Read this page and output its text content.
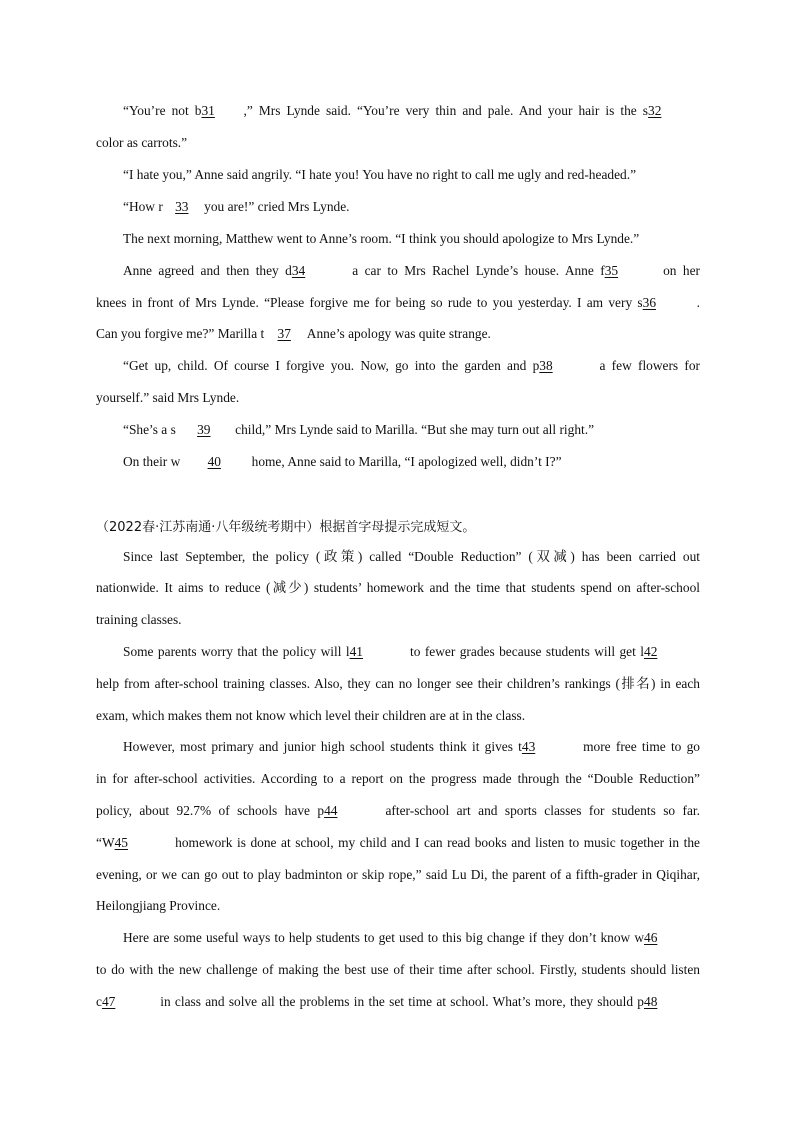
“You’re not b31 ,” Mrs Lynde said. “You’re very thin and pale. And your hair is the s32
color as carrots.”
“I hate you,” Anne said angrily. “I hate you! You have no right to call me ugly and red-headed.”
“How r 33 you are!” cried Mrs Lynde.
The next morning, Matthew went to Anne’s room. “I think you should apologize to Mrs Lynde.”
Anne agreed and then they d34	a car to Mrs Rachel Lynde’s house. Anne f35	on her
knees in front of Mrs Lynde. “Please forgive me for being so rude to you yesterday. I am very s36	.
Can you forgive me?” Marilla t 37 Anne’s apology was quite strange.
“Get up, child. Of course I forgive you. Now, go into the garden and p38	a few flowers for
yourself.” said Mrs Lynde.
“She’s a s 39 child,” Mrs Lynde said to Marilla. “But she may turn out all right.”
On their w 40 home, Anne said to Marilla, “I apologized well, didn’t I?”
（2022春·江苏南通·八年级统考期中）根据首字母提示完成短文。
Since last September, the policy (政策) called “Double Reduction” (双减) has been carried out
nationwide. It aims to reduce (减少) students’ homework and the time that students spend on after-school
training classes.
Some parents worry that the policy will l41	to fewer grades because students will get l42
help from after-school training classes. Also, they can no longer see their children’s rankings (排名) in each
exam, which makes them not know which level their children are at in the class.
However, most primary and junior high school students think it gives t43	more free time to go
in for after-school activities. According to a report on the progress made through the “Double Reduction”
policy, about 92.7% of schools have p44	after-school art and sports classes for students so far.
“W45	homework is done at school, my child and I can read books and listen to music together in the
evening, or we can go out to play badminton or skip rope,” said Lu Di, the parent of a fifth-grader in Qiqihar,
Heilongjiang Province.
Here are some useful ways to help students to get used to this big change if they don’t know w46
to do with the new challenge of making the best use of their time after school. Firstly, students should listen
c47	in class and solve all the problems in the set time at school. What’s more, they should p48
